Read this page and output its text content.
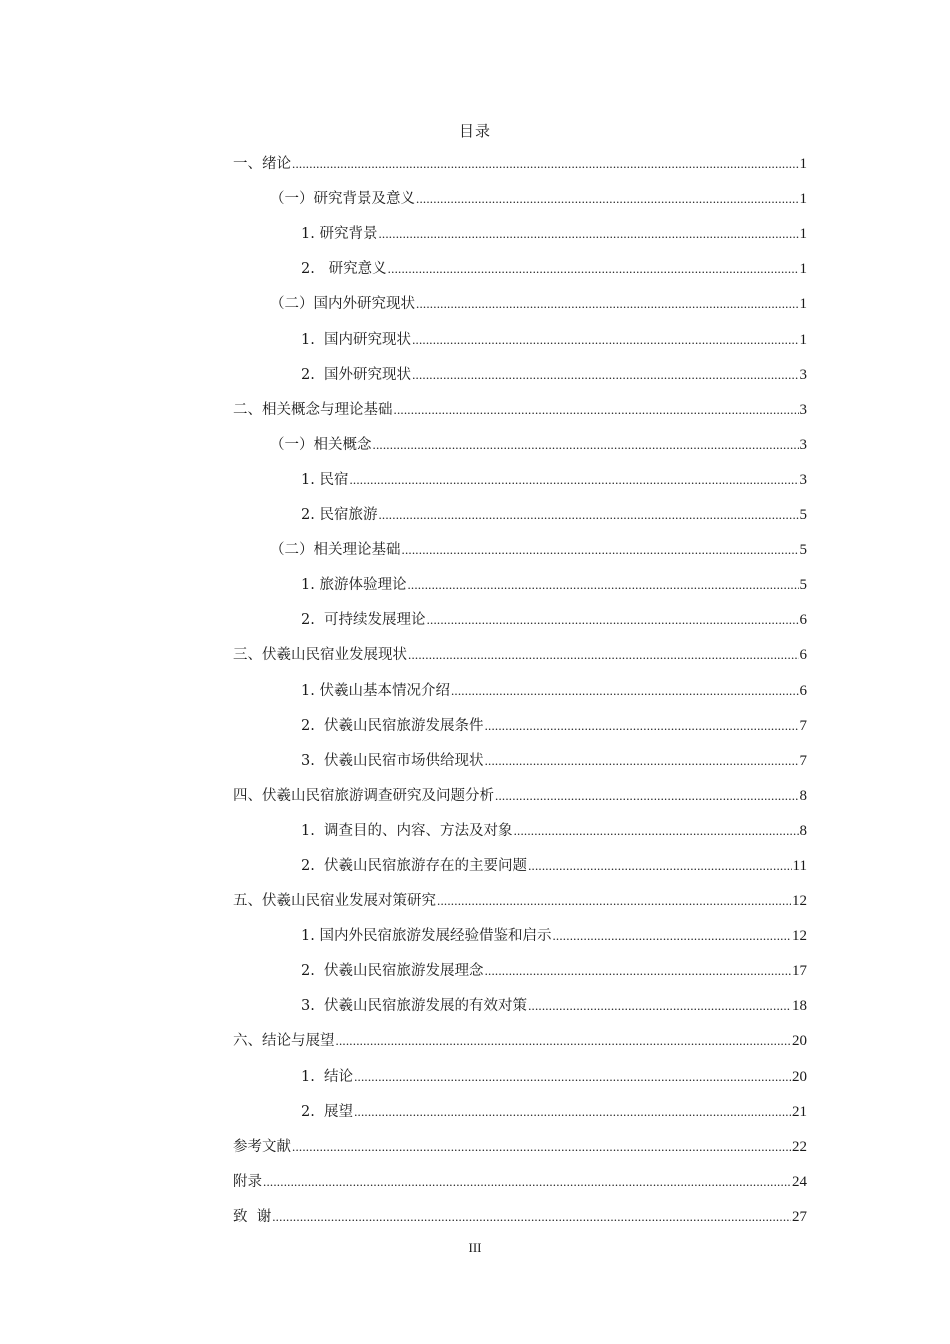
目录
一、绪论 .....	1
（一）研究背景及意义 .....	1
1. 研究背景 .....	1
2.   研究意义 .....	1
（二）国内外研究现状 .....	1
1.  国内研究现状 .....	1
2.  国外研究现状 .....	3
二、相关概念与理论基础 .....	3
（一）相关概念 .....	3
1. 民宿 .....	3
2. 民宿旅游 .....	5
（二）相关理论基础 .....	5
1. 旅游体验理论 .....	5
2.  可持续发展理论 .....	6
三、伏羲山民宿业发展现状 .....	6
1. 伏羲山基本情况介绍 .....	6
2.  伏羲山民宿旅游发展条件 .....	7
3.  伏羲山民宿市场供给现状 .....	7
四、伏羲山民宿旅游调查研究及问题分析 .....	8
1.  调查目的、内容、方法及对象 .....	8
2.  伏羲山民宿旅游存在的主要问题 .....	11
五、伏羲山民宿业发展对策研究 .....	12
1. 国内外民宿旅游发展经验借鉴和启示 .....	12
2.  伏羲山民宿旅游发展理念 .....	17
3.  伏羲山民宿旅游发展的有效对策 .....	18
六、结论与展望 .....	20
1.  结论 .....	20
2.  展望 .....	21
参考文献 .....	22
附录 .....	24
致  谢 .....	27
III
